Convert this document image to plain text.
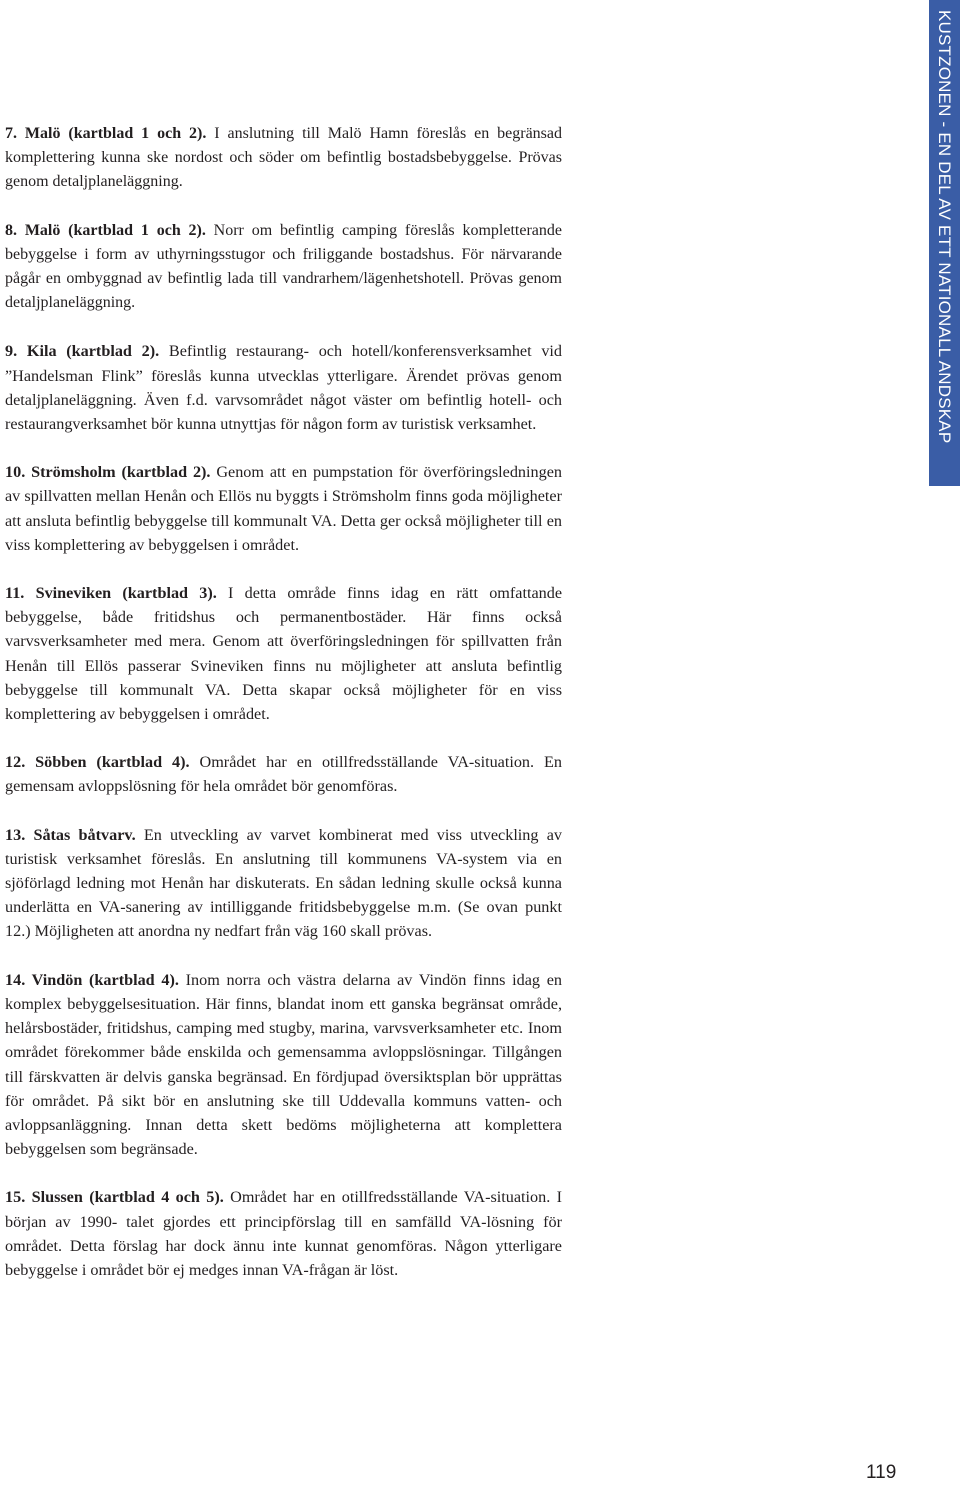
KUSTZONEN - EN DEL AV ETT NATIONALL ANDSKAP

7. Malö (kartblad 1 och 2). I anslutning till Malö Hamn föreslås en begränsad komplettering kunna ske nordost och söder om befintlig bostadsbebyggelse. Prövas genom detaljplaneläggning.

8. Malö (kartblad 1 och 2). Norr om befintlig camping föreslås kompletterande bebyggelse i form av uthyrningsstugor och friliggande bostadshus. För närvarande pågår en ombyggnad av befintlig lada till vandrarhem/lägenhetshotell. Prövas genom detaljplaneläggning.

9. Kila (kartblad 2). Befintlig restaurang- och hotell/konferensverksamhet vid ”Handelsman Flink” föreslås kunna utvecklas ytterligare. Ärendet prövas genom detaljplaneläggning. Även f.d. varvsområdet något väster om befintlig hotell- och restaurangverksamhet bör kunna utnyttjas för någon form av turistisk verksamhet.

10. Strömsholm (kartblad 2). Genom att en pumpstation för överföringsledningen av spillvatten mellan Henån och Ellös nu byggts i Strömsholm finns goda möjligheter att ansluta befintlig bebyggelse till kommunalt VA. Detta ger också möjligheter till en viss komplettering av bebyggelsen i området.

11. Svineviken (kartblad 3). I detta område finns idag en rätt omfattande bebyggelse, både fritidshus och permanentbostäder. Här finns också varvsverksamheter med mera. Genom att överföringsledningen för spillvatten från Henån till Ellös passerar Svineviken finns nu möjligheter att ansluta befintlig bebyggelse till kommunalt VA. Detta skapar också möjligheter för en viss komplettering av bebyggelsen i området.

12. Söbben (kartblad 4). Området har en otillfredsställande VA-situation. En gemensam avloppslösning för hela området bör genomföras.

13. Såtas båtvarv. En utveckling av varvet kombinerat med viss utveckling av turistisk verksamhet föreslås. En anslutning till kommunens VA-system via en sjöförlagd ledning mot Henån har diskuterats. En sådan ledning skulle också kunna underlätta en VA-sanering av intilliggande fritidsbebyggelse m.m. (Se ovan punkt 12.) Möjligheten att anordna ny nedfart från väg 160 skall prövas.

14. Vindön (kartblad 4). Inom norra och västra delarna av Vindön finns idag en komplex bebyggelsesituation. Här finns, blandat inom ett ganska begränsat område, helårsbostäder, fritidshus, camping med stugby, marina, varvsverksamheter etc. Inom området förekommer både enskilda och gemensamma avloppslösningar. Tillgången till färskvatten är delvis ganska begränsad. En fördjupad översiktsplan bör upprättas för området. På sikt bör en anslutning ske till Uddevalla kommuns vatten- och avloppsanläggning. Innan detta skett bedöms möjligheterna att komplettera bebyggelsen som begränsade.

15. Slussen (kartblad 4 och 5). Området har en otillfredsställande VA-situation. I början av 1990- talet gjordes ett principförslag till en samfälld VA-lösning för området. Detta förslag har dock ännu inte kunnat genomföras. Någon ytterligare bebyggelse i området bör ej medges innan VA-frågan är löst.

119
